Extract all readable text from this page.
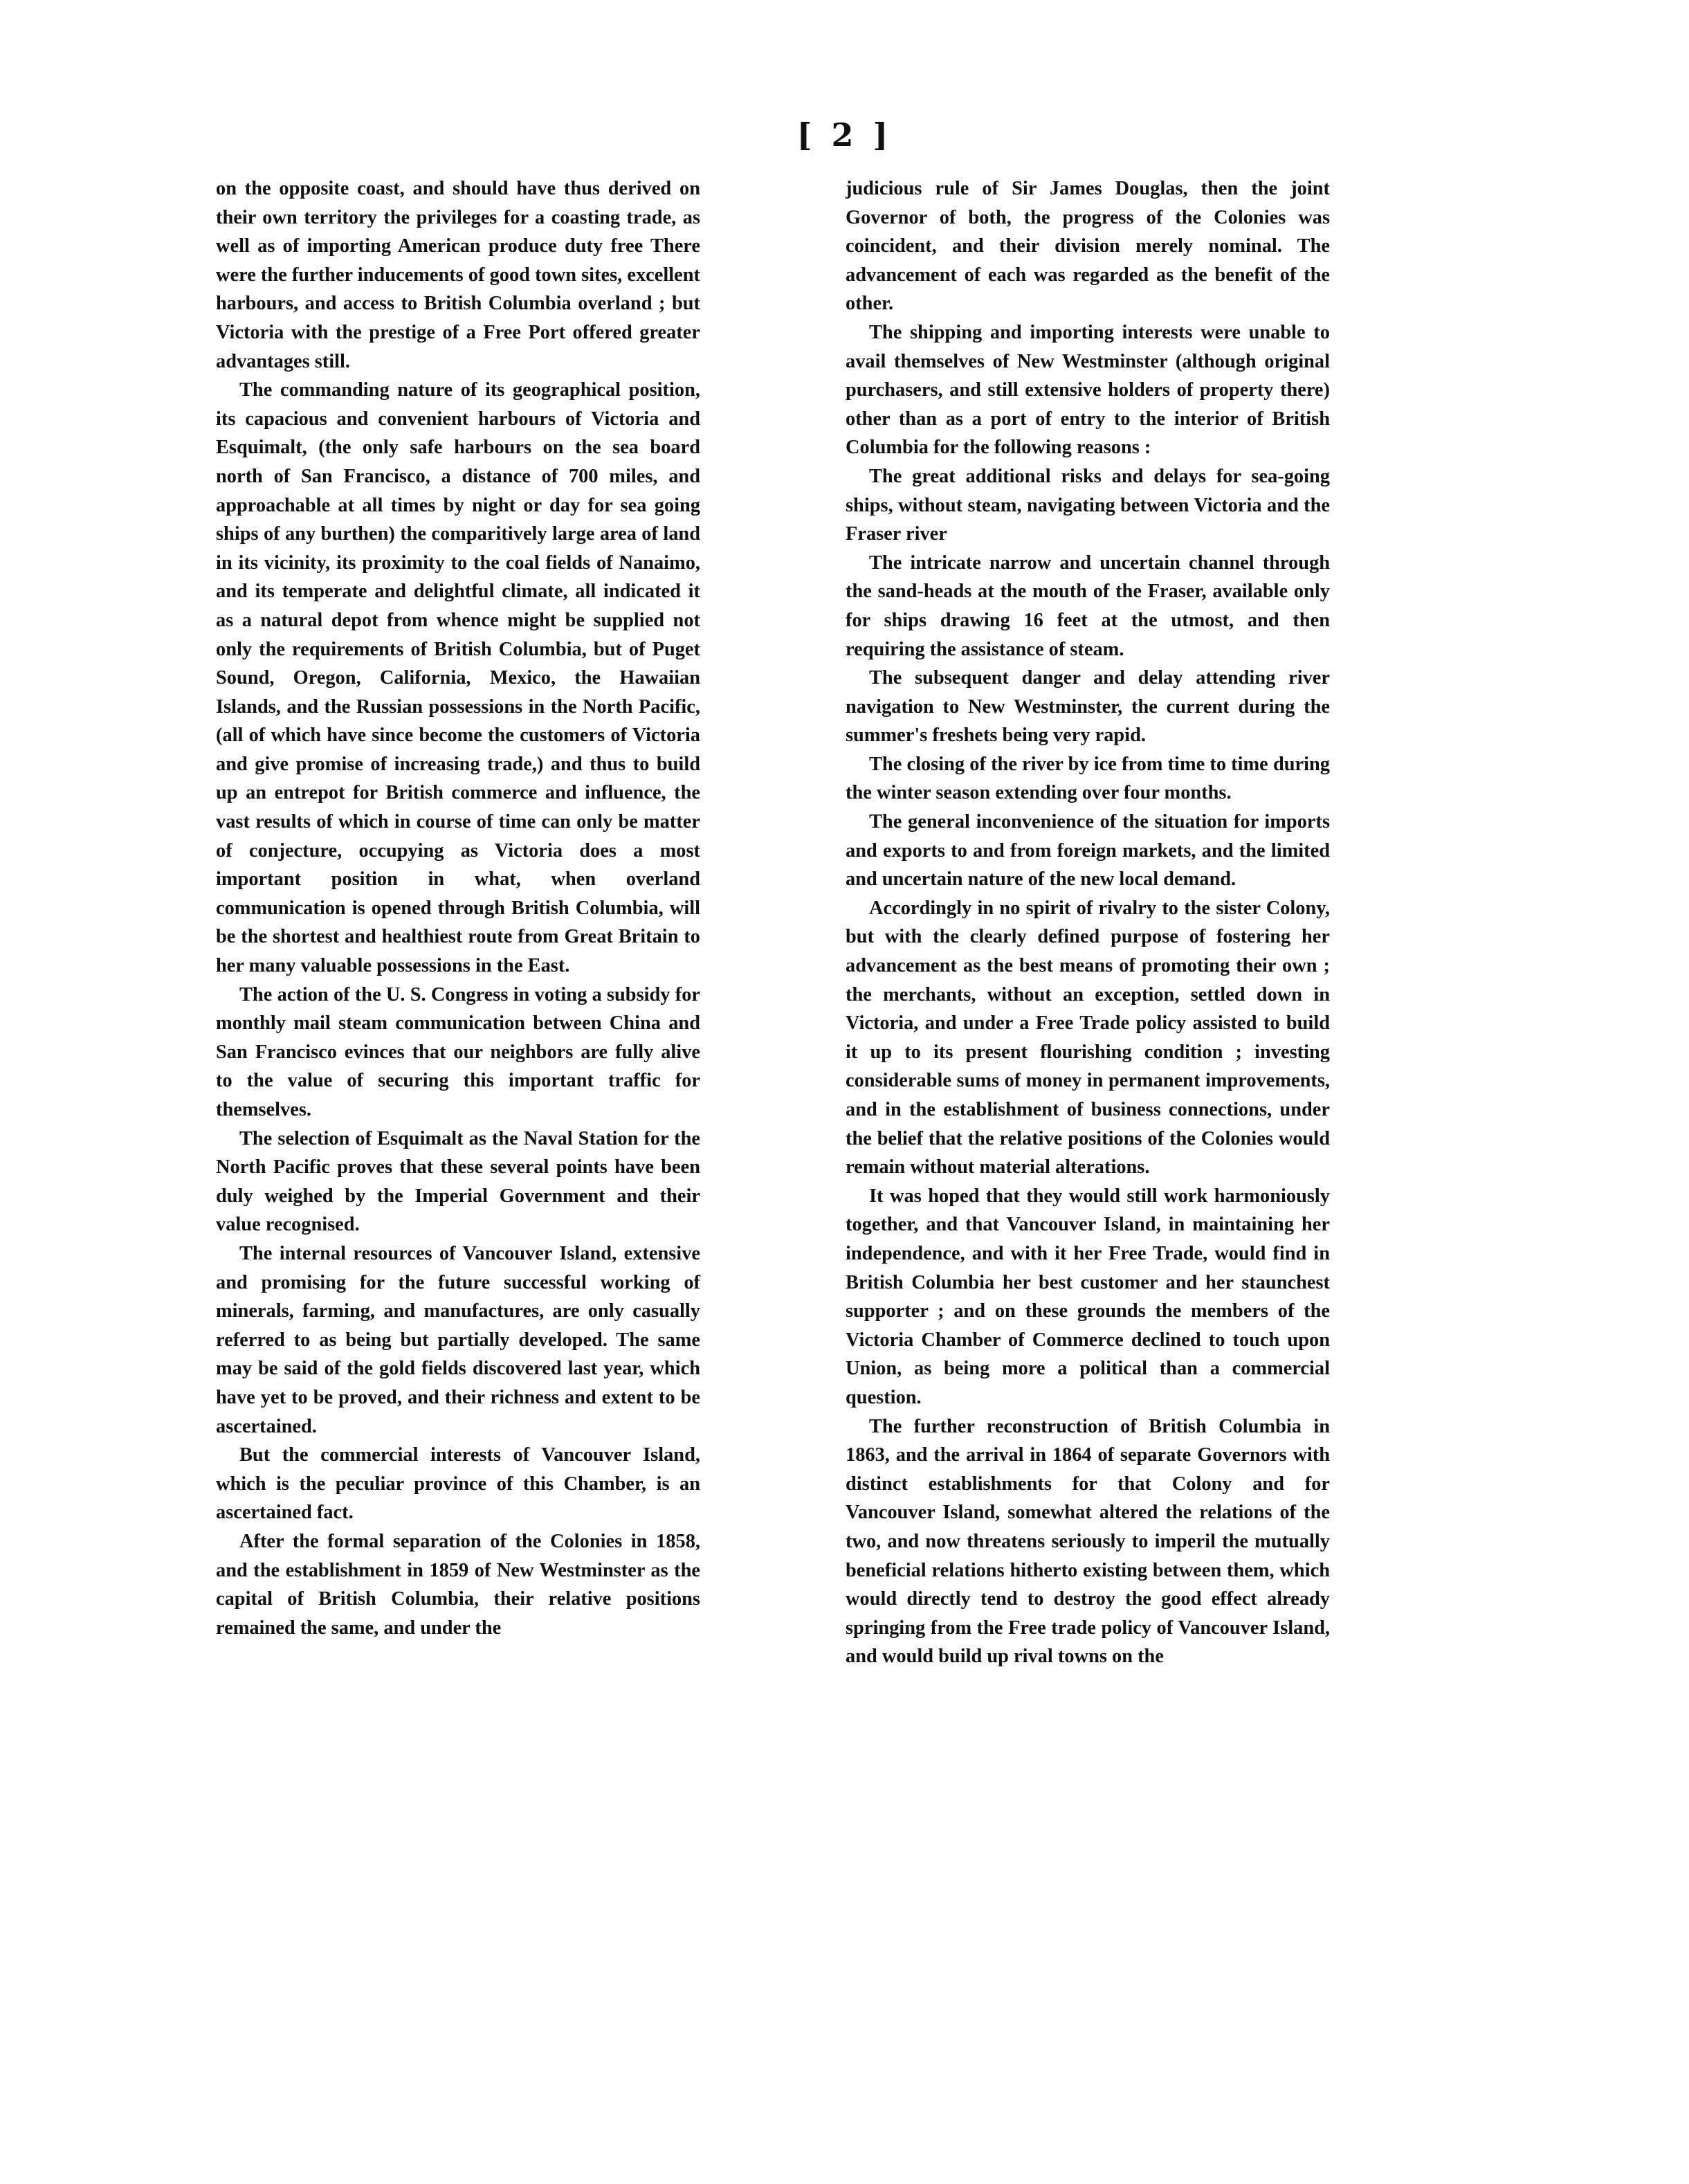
[ 2 ]

on the opposite coast, and should have thus derived on their own territory the privileges for a coasting trade, as well as of importing American produce duty free There were the further inducements of good town sites, excellent harbours, and access to British Columbia overland ; but Victoria with the prestige of a Free Port offered greater advantages still.

The commanding nature of its geographical position, its capacious and convenient harbours of Victoria and Esquimalt, (the only safe harbours on the sea board north of San Francisco, a distance of 700 miles, and approachable at all times by night or day for sea going ships of any burthen) the comparitively large area of land in its vicinity, its proximity to the coal fields of Nanaimo, and its temperate and delightful climate, all indicated it as a natural depot from whence might be supplied not only the requirements of British Columbia, but of Puget Sound, Oregon, California, Mexico, the Hawaiian Islands, and the Russian possessions in the North Pacific, (all of which have since become the customers of Victoria and give promise of increasing trade,) and thus to build up an entrepot for British commerce and influence, the vast results of which in course of time can only be matter of conjecture, occupying as Victoria does a most important position in what, when overland communication is opened through British Columbia, will be the shortest and healthiest route from Great Britain to her many valuable possessions in the East.

The action of the U. S. Congress in voting a subsidy for monthly mail steam communication between China and San Francisco evinces that our neighbors are fully alive to the value of securing this important traffic for themselves.

The selection of Esquimalt as the Naval Station for the North Pacific proves that these several points have been duly weighed by the Imperial Government and their value recognised.

The internal resources of Vancouver Island, extensive and promising for the future successful working of minerals, farming, and manufactures, are only casually referred to as being but partially developed. The same may be said of the gold fields discovered last year, which have yet to be proved, and their richness and extent to be ascertained.

But the commercial interests of Vancouver Island, which is the peculiar province of this Chamber, is an ascertained fact.

After the formal separation of the Colonies in 1858, and the establishment in 1859 of New Westminster as the capital of British Columbia, their relative positions remained the same, and under the

judicious rule of Sir James Douglas, then the joint Governor of both, the progress of the Colonies was coincident, and their division merely nominal. The advancement of each was regarded as the benefit of the other.

The shipping and importing interests were unable to avail themselves of New Westminster (although original purchasers, and still extensive holders of property there) other than as a port of entry to the interior of British Columbia for the following reasons :

The great additional risks and delays for sea-going ships, without steam, navigating between Victoria and the Fraser river

The intricate narrow and uncertain channel through the sand-heads at the mouth of the Fraser, available only for ships drawing 16 feet at the utmost, and then requiring the assistance of steam.

The subsequent danger and delay attending river navigation to New Westminster, the current during the summer's freshets being very rapid.

The closing of the river by ice from time to time during the winter season extending over four months.

The general inconvenience of the situation for imports and exports to and from foreign markets, and the limited and uncertain nature of the new local demand.

Accordingly in no spirit of rivalry to the sister Colony, but with the clearly defined purpose of fostering her advancement as the best means of promoting their own ; the merchants, without an exception, settled down in Victoria, and under a Free Trade policy assisted to build it up to its present flourishing condition ; investing considerable sums of money in permanent improvements, and in the establishment of business connections, under the belief that the relative positions of the Colonies would remain without material alterations.

It was hoped that they would still work harmoniously together, and that Vancouver Island, in maintaining her independence, and with it her Free Trade, would find in British Columbia her best customer and her staunchest supporter ; and on these grounds the members of the Victoria Chamber of Commerce declined to touch upon Union, as being more a political than a commercial question.

The further reconstruction of British Columbia in 1863, and the arrival in 1864 of separate Governors with distinct establishments for that Colony and for Vancouver Island, somewhat altered the relations of the two, and now threatens seriously to imperil the mutually beneficial relations hitherto existing between them, which would directly tend to destroy the good effect already springing from the Free trade policy of Vancouver Island, and would build up rival towns on the
